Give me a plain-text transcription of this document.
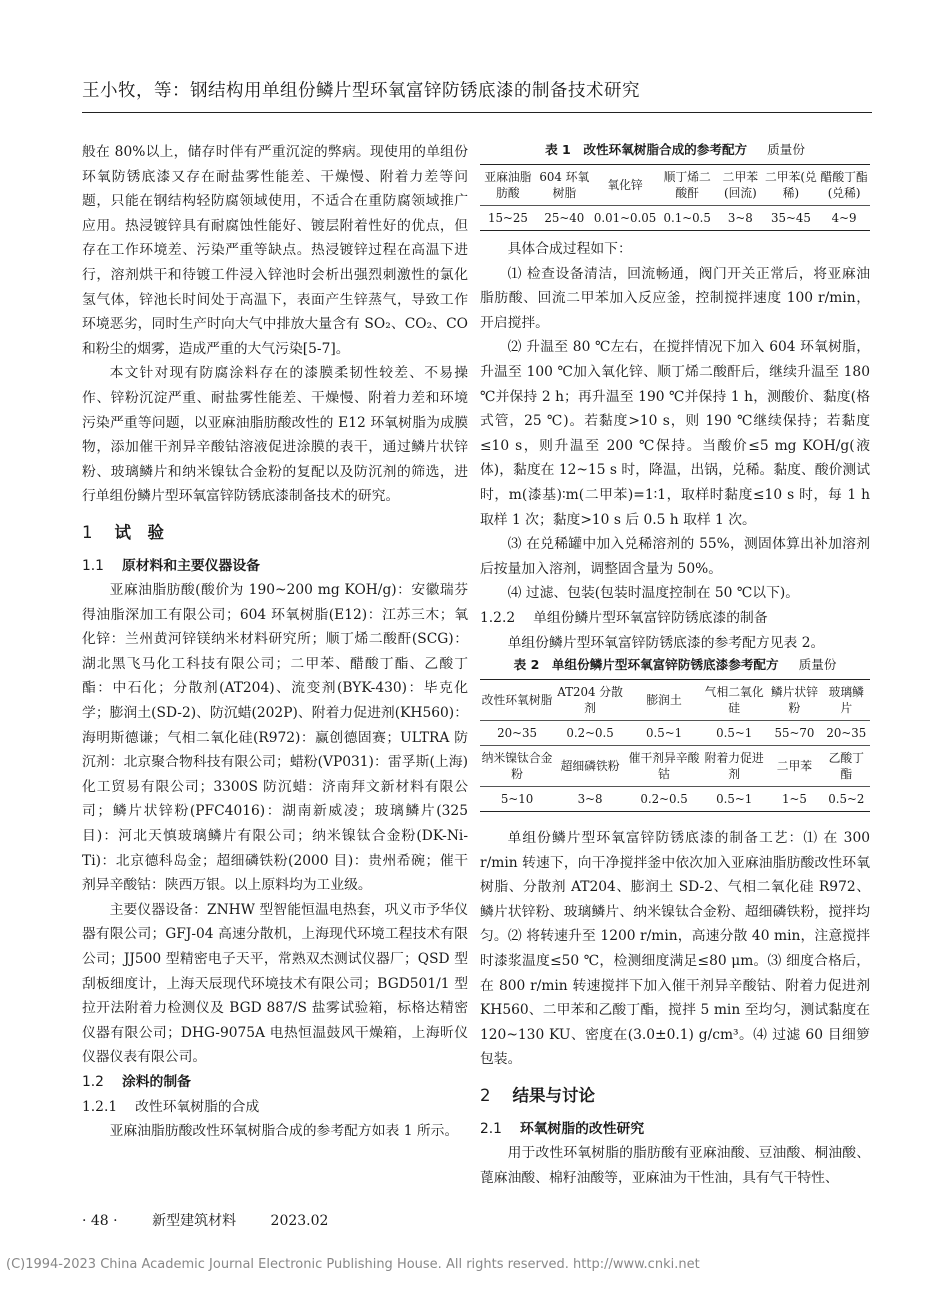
王小牧，等：钢结构用单组份鳞片型环氧富锌防锈底漆的制备技术研究

般在 80%以上，储存时伴有严重沉淀的弊病。现使用的单组份环氧防锈底漆又存在耐盐雾性能差、干燥慢、附着力差等问题，只能在钢结构轻防腐领域使用，不适合在重防腐领域推广应用。热浸镀锌具有耐腐蚀性能好、镀层附着性好的优点，但存在工作环境差、污染严重等缺点。热浸镀锌过程在高温下进行，溶剂烘干和待镀工件浸入锌池时会析出强烈刺激性的氯化氢气体，锌池长时间处于高温下，表面产生锌蒸气，导致工作环境恶劣，同时生产时向大气中排放大量含有 SO₂、CO₂、CO 和粉尘的烟雾，造成严重的大气污染[5-7]。

本文针对现有防腐涂料存在的漆膜柔韧性较差、不易操作、锌粉沉淀严重、耐盐雾性能差、干燥慢、附着力差和环境污染严重等问题，以亚麻油脂肪酸改性的 E12 环氧树脂为成膜物，添加催干剂异辛酸钴溶液促进涂膜的表干，通过鳞片状锌粉、玻璃鳞片和纳米镍钛合金粉的复配以及防沉剂的筛选，进行单组份鳞片型环氧富锌防锈底漆制备技术的研究。

1 试　验
1.1 原材料和主要仪器设备

亚麻油脂肪酸(酸价为 190~200 mg KOH/g)：安徽瑞芬得油脂深加工有限公司；604 环氧树脂(E12)：江苏三木；氧化锌：兰州黄河锌镁纳米材料研究所；顺丁烯二酸酐(SCG)：湖北黑飞马化工科技有限公司；二甲苯、醋酸丁酯、乙酸丁酯：中石化；分散剂(AT204)、流变剂(BYK-430)：毕克化学；膨润土(SD-2)、防沉蜡(202P)、附着力促进剂(KH560)：海明斯德谦；气相二氧化硅(R972)：赢创德固赛；ULTRA 防沉剂：北京聚合物科技有限公司；蜡粉(VP031)：雷孚斯(上海)化工贸易有限公司；3300S 防沉蜡：济南拜文新材料有限公司；鳞片状锌粉(PFC4016)：湖南新威凌；玻璃鳞片(325 目)：河北天慎玻璃鳞片有限公司；纳米镍钛合金粉(DK-Ni-Ti)：北京德科岛金；超细磷铁粉(2000 目)：贵州希碗；催干剂异辛酸钴：陕西万银。以上原料均为工业级。

主要仪器设备：ZNHW 型智能恒温电热套，巩义市予华仪器有限公司；GFJ-04 高速分散机，上海现代环境工程技术有限公司；JJ500 型精密电子天平，常熟双杰测试仪器厂；QSD 型刮板细度计，上海天辰现代环境技术有限公司；BGD501/1 型拉开法附着力检测仪及 BGD 887/S 盐雾试验箱，标格达精密仪器有限公司；DHG-9075A 电热恒温鼓风干燥箱，上海昕仪仪器仪表有限公司。

1.2 涂料的制备
1.2.1 改性环氧树脂的合成

亚麻油脂肪酸改性环氧树脂合成的参考配方如表 1 所示。

表 1　改性环氧树脂合成的参考配方 质量份
亚麻油脂肪酸	604 环氧树脂	氧化锌	顺丁烯二酸酐	二甲苯(回流)	二甲苯(兑稀)	醋酸丁酯(兑稀)
15~25	25~40	0.01~0.05	0.1~0.5	3~8	35~45	4~9

具体合成过程如下：

⑴ 检查设备清洁，回流畅通，阀门开关正常后，将亚麻油脂肪酸、回流二甲苯加入反应釜，控制搅拌速度 100 r/min，开启搅拌。

⑵ 升温至 80 ℃左右，在搅拌情况下加入 604 环氧树脂，升温至 100 ℃加入氧化锌、顺丁烯二酸酐后，继续升温至 180 ℃并保持 2 h；再升温至 190 ℃并保持 1 h，测酸价、黏度(格式管，25 ℃)。若黏度>10 s，则 190 ℃继续保持；若黏度≤10 s，则升温至 200 ℃保持。当酸价≤5 mg KOH/g(液体)，黏度在 12~15 s 时，降温，出锅，兑稀。黏度、酸价测试时，m(漆基)∶m(二甲苯)=1∶1，取样时黏度≤10 s 时，每 1 h 取样 1 次；黏度>10 s 后 0.5 h 取样 1 次。

⑶ 在兑稀罐中加入兑稀溶剂的 55%，测固体算出补加溶剂后按量加入溶剂，调整固含量为 50%。

⑷ 过滤、包装(包装时温度控制在 50 ℃以下)。

1.2.2 单组份鳞片型环氧富锌防锈底漆的制备

单组份鳞片型环氧富锌防锈底漆的参考配方见表 2。

表 2　单组份鳞片型环氧富锌防锈底漆参考配方 质量份
改性环氧树脂	AT204 分散剂	膨润土	气相二氧化硅	鳞片状锌粉	玻璃鳞片
20~35	0.2~0.5	0.5~1	0.5~1	55~70	20~35
纳米镍钛合金粉	超细磷铁粉	催干剂异辛酸钴	附着力促进剂	二甲苯	乙酸丁酯
5~10	3~8	0.2~0.5	0.5~1	1~5	0.5~2

单组份鳞片型环氧富锌防锈底漆的制备工艺：⑴ 在 300 r/min 转速下，向干净搅拌釜中依次加入亚麻油脂肪酸改性环氧树脂、分散剂 AT204、膨润土 SD-2、气相二氧化硅 R972、鳞片状锌粉、玻璃鳞片、纳米镍钛合金粉、超细磷铁粉，搅拌均匀。⑵ 将转速升至 1200 r/min，高速分散 40 min，注意搅拌时漆浆温度≤50 ℃，检测细度满足≤80 μm。⑶ 细度合格后，在 800 r/min 转速搅拌下加入催干剂异辛酸钴、附着力促进剂 KH560、二甲苯和乙酸丁酯，搅拌 5 min 至均匀，测试黏度在 120~130 KU、密度在(3.0±0.1) g/cm³。⑷ 过滤 60 目细箩包装。

2 结果与讨论
2.1 环氧树脂的改性研究

用于改性环氧树脂的脂肪酸有亚麻油酸、豆油酸、桐油酸、蓖麻油酸、棉籽油酸等，亚麻油为干性油，具有气干特性、

· 48 · 新型建筑材料 2023.02
(C)1994-2023 China Academic Journal Electronic Publishing House. All rights reserved. http://www.cnki.net
